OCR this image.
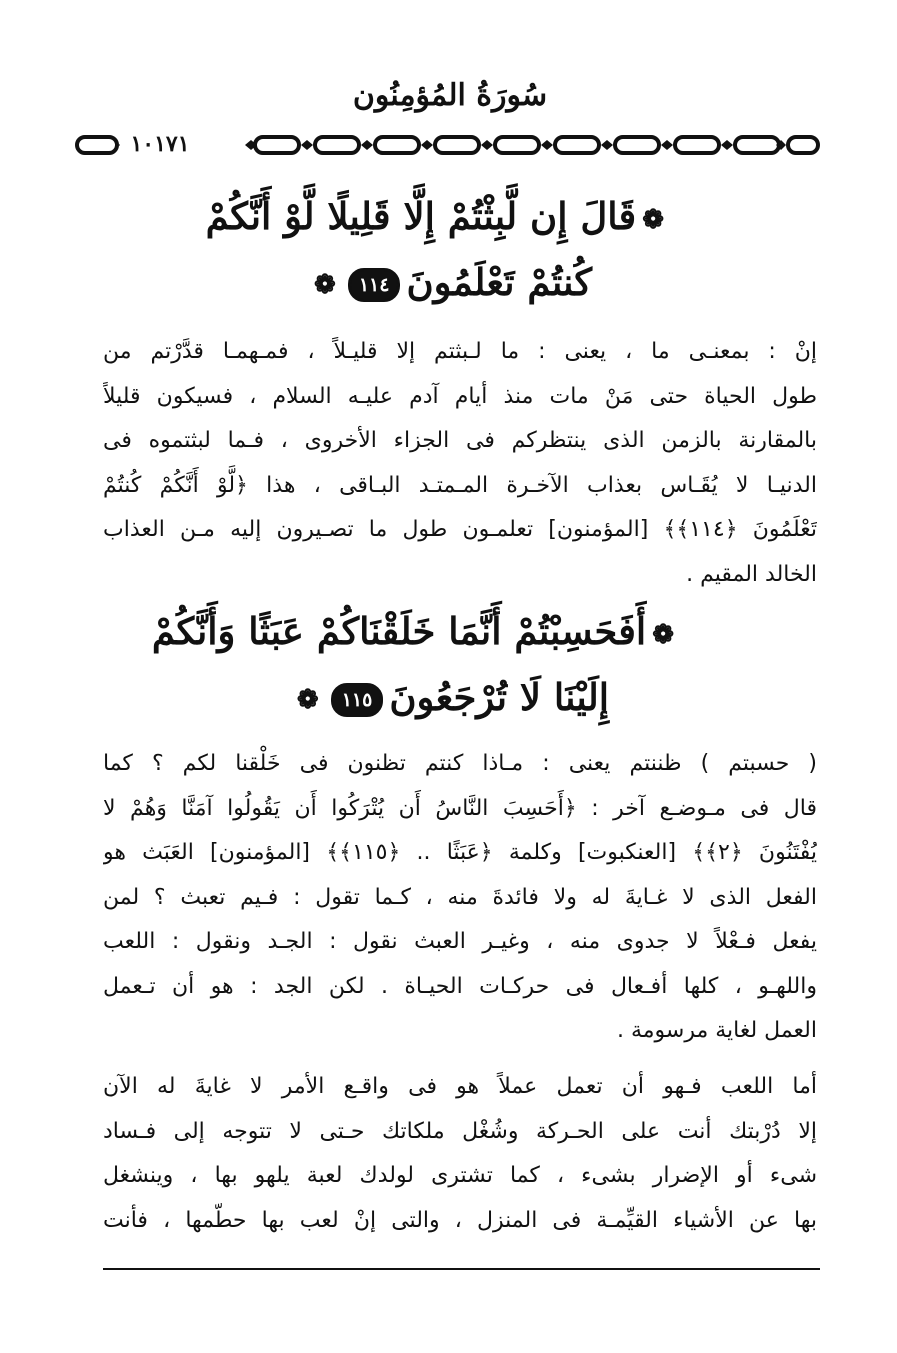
سُورَةُ المُؤمِنُون
١٠١٧١
❁قَالَ إِن لَّبِثْتُمْ إِلَّا قَلِيلًا لَّوْ أَنَّكُمْ
كُنتُمْ تَعْلَمُونَ١١٤❁
إنْ : بمعنـى ما ، يعنى : ما لـبثتم إلا قليـلاً ، فمـهمـا قدَّرْتم من
طول الحياة حتى مَنْ مات منذ أيام آدم عليـه السلام ، فسيكون قليلاً
بالمقارنة بالزمن الذى ينتظركم فى الجزاء الأخروى ، فـما لبثتموه فى
الدنيـا لا يُقَـاس بعذاب الآخـرة المـمتـد البـاقى ، هذا ﴿لَّوْ أَنَّكُمْ كُنتُمْ
تَعْلَمُونَ ﴿١١٤﴾﴾ [المؤمنون] تعلمـون طول ما تصـيرون إليه مـن العذاب
الخالد المقيم .
❁أَفَحَسِبْتُمْ أَنَّمَا خَلَقْنَاكُمْ عَبَثًا وَأَنَّكُمْ
إِلَيْنَا لَا تُرْجَعُونَ١١٥❁
( حسبتم ) ظننتم يعنى : مـاذا كنتم تظنون فى خَلْقنا لكم ؟ كما
قال فى مـوضـع آخر : ﴿أَحَسِبَ النَّاسُ أَن يُتْرَكُوا أَن يَقُولُوا آمَنَّا وَهُمْ لا
يُفْتَنُونَ ﴿٢﴾﴾ [العنكبوت] وكلمة ﴿عَبَثًا .. ﴿١١٥﴾﴾ [المؤمنون] العَبَث هو
الفعل الذى لا غـايةَ له ولا فائدةَ منه ، كـما تقول : فـيم تعبث ؟ لمن
يفعل فـعْلاً لا جدوى منه ، وغيـر العبث نقول : الجـد ونقول : اللعب
واللهـو ، كلها أفـعال فى حركـات الحيـاة . لكن الجد : هو أن تـعمل
العمل لغاية مرسومة .
أما اللعب فـهو أن تعمل عملاً هو فى واقـع الأمر لا غايةَ له الآن
إلا دُرْبتك أنت على الحـركة وشُغْل ملكاتك حـتى لا تتوجه إلى فـساد
شىء أو الإضرار بشىء ، كما تشترى لولدك لعبة يلهو بها ، وينشغل
بها عن الأشياء القيِّمـة فى المنزل ، والتى إنْ لعب بها حطّمها ، فأنت
